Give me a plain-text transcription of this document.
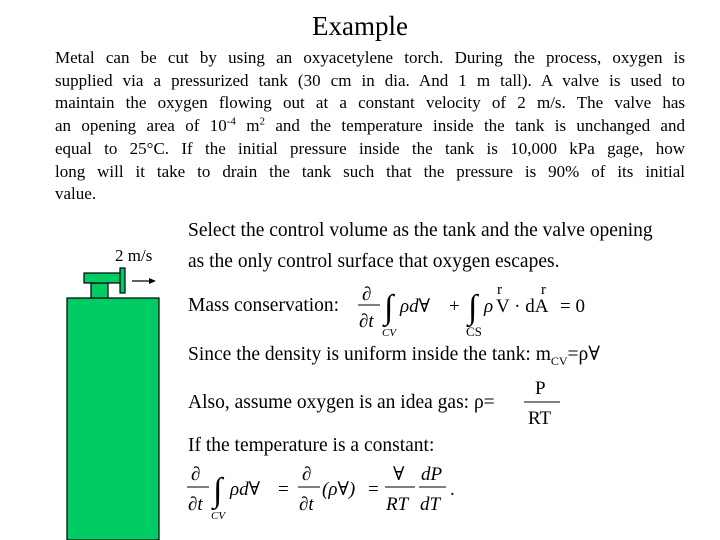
Example
Metal can be cut by using an oxyacetylene torch. During the process, oxygen is
supplied via a pressurized tank (30 cm in dia. And 1 m tall). A valve is used to
maintain the oxygen flowing out at a constant velocity of 2 m/s. The valve has
an opening area of $10^{-4}$ $m^2$ and the temperature inside the tank is unchanged and
equal to 25°C. If the initial pressure inside the tank is 10,000 kPa gage, how
long will it take to drain the tank such that the pressure is 90% of its initial
value.
2 m/s
Select the control volume as the tank and the valve opening
as the only control surface that oxygen escapes.
Mass conservation:
∂
∂t ∫
CV
ρd∀ + ∫
CS
ρ
r
V · dA
r
= 0
Since the density is uniform inside the tank: $m_{CV}=\rho\forall$
Also, assume oxygen is an idea gas: ρ=
P
RT
If the temperature is a constant:
∂
∂t ∫
CV
ρd∀ =
∂
∂t
(ρ∀) =
∀
RT
dP
dT
.
